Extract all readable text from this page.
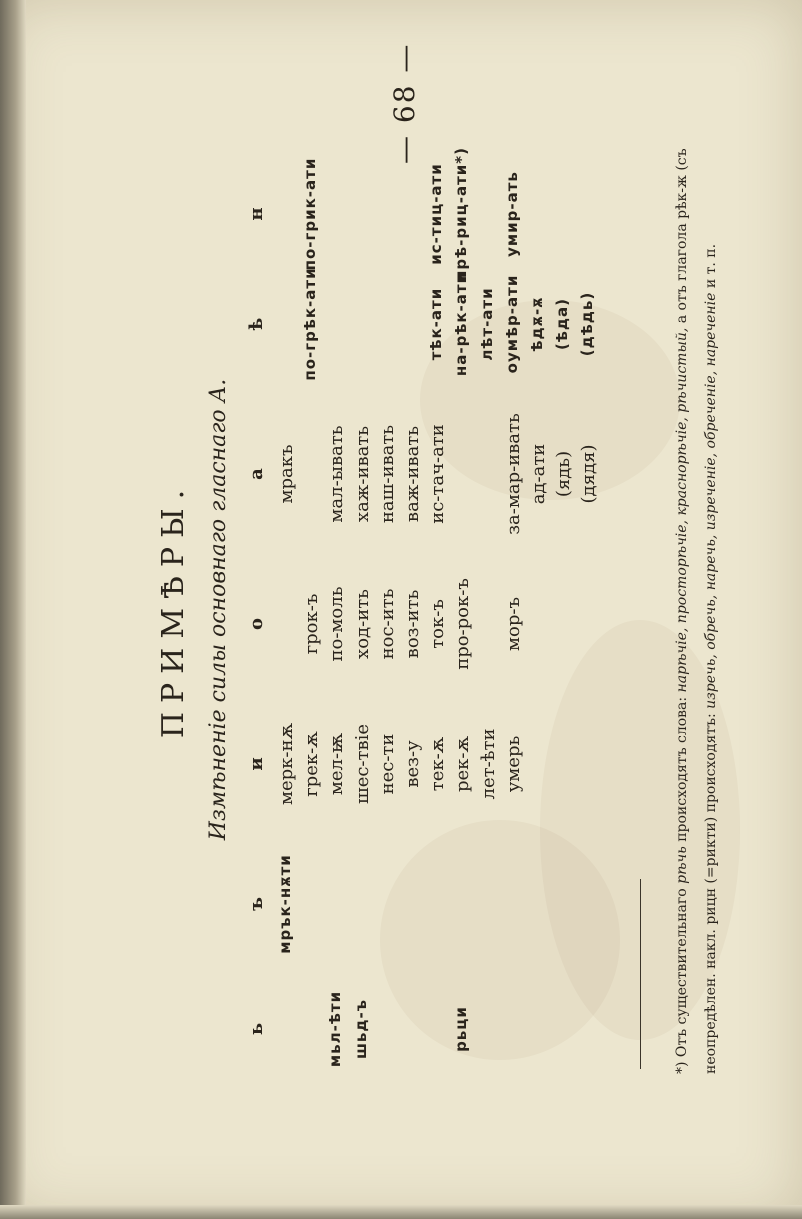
— 68 —
ПРИМѢРЫ. Измѣненіе силы основнаго гласнаго А.
ь
ъ
и
о
а
ѣ
н
мрък-нѫти
мерк-нѫ
мракъ
грек-ѫ
грок-ъ
по-грѣк-ати
по-грик-ати
мьл-ѣти
мел-ѭ
по-моль
мал-ывать
шьд-ъ
шес-твіе
ход-ить
хаж-ивать
нес-ти
нос-ить
наш-ивать
вез-у
воз-ить
важ-ивать
тек-ѫ
ток-ъ
ис-тач-ати
тѣк-ати
ис-тиц-ати
рьци
рек-ѫ
про-рок-ъ
на-рѣк-ати
прѣ-риц-ати*)
лет-ѣти
лѣт-ати
умерь
мор-ъ
за-мар-ивать
оумѣр-ати
умир-ать
ад-ати
ѣдѫ-ѫ
(ядь)
(ѣда)
(дядя)
(дѣдь)
*) Отъ существительнаго рѣчь происходятъ слова: нарѣчіе, просторѣчіе, краснорѣчіе, рѣчистый, а отъ глагола рѣк-ж (съ
неопредѣлен. накл. рицн (=рикти) происходятъ: изречь, обречь, наречь, изреченіе, обреченіе, нареченіе и т. п.
